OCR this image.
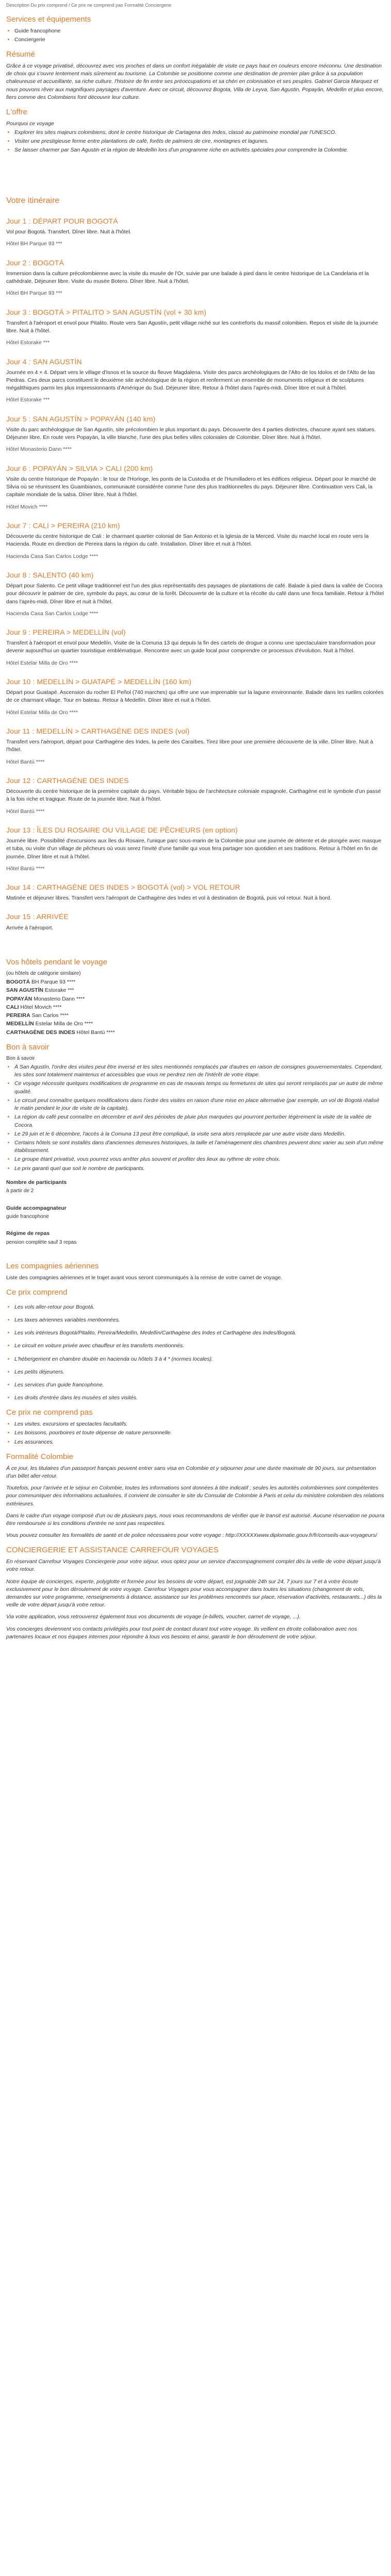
Description Du prix comprend / Ce prix ne comprend pas Formalité Conciergerie
Services et équipements
• Guide francophone
• Conciergerie
Résumé

Grâce à ce voyage privatisé, découvrez avec vos proches et dans un confort inégalable de visite ce pays haut en couleurs encore méconnu. Une destination de choix qui s'ouvre lentement mais sûrement au tourisme. La Colombie se positionne comme une destination de premier plan grâce à sa population chaleureuse et accueillante, sa riche culture, l'histoire de fin entre ses préoccupations et sa chéri en colonisation et ses peuples. Gabriel Garcia Marquez et nous pouvons rêver aux magnifiques paysages d'aventure. Avec ce circuit, découvrez Bogota, Villa de Leyva, San Agustin, Popayán, Medellin et plus encore, fiers comme des Colombiens font découvrir leur culture.

L'offre

Pourquoi ce voyage

• Explorer les sites majeurs colombiens, dont le centre historique de Cartagena des Indes, classé au patrimoine mondial par l'UNESCO.
• Visiter une prestigieuse ferme entre plantations de café, forêts de palmiers de cire, montagnes et lagunes.
• Se laisser charmer par San Agustin et la région de Medellin lors d'un programme riche en activités spéciales pour comprendre la Colombie.
Votre itinéraire
Jour 1 : DÉPART POUR BOGOTÁ

Vol pour Bogotá. Transfert. Dîner libre. Nuit à l'hôtel.

Hôtel BH Parque 93 ***

Jour 2 : BOGOTÁ

Immersion dans la culture précolombienne avec la visite du musée de l'Or, suivie par une balade à pied dans le centre historique de La Candelaria et la cathédrale. Déjeuner libre. Visite du musée Botero. Dîner libre. Nuit à l'hôtel.

Hôtel BH Parque 93 ***

Jour 3 : BOGOTÁ > PITALITO > SAN AGUSTÍN (vol + 30 km)

Transfert à l'aéroport et envol pour Pitalito. Route vers San Agustín, petit village niché sur les contreforts du massif colombien. Repos et visite de la journée libre. Nuit à l'hôtel.

Hôtel Estorake ***

Jour 4 : SAN AGUSTÍN

Journée en 4 × 4. Départ vers le village d'Isnos et la source du fleuve Magdalena. Visite des parcs archéologiques de l'Alto de los Idolos et de l'Alto de las Piedras. Ces deux parcs constituent le deuxième site archéologique de la région et renferment un ensemble de monuments religieux et de sculptures mégalithiques parmi les plus impressionnants d'Amérique du Sud. Déjeuner libre. Retour à l'hôtel dans l'après-midi. Dîner libre et nuit à l'hôtel.

Hôtel Estorake ***

Jour 5 : SAN AGUSTÍN > POPAYÁN (140 km)

Visite du parc archéologique de San Agustín, site précolombien le plus important du pays. Découverte des 4 parties distinctes, chacune ayant ses statues. Déjeuner libre. En route vers Popayán, la ville blanche, l'une des plus belles villes coloniales de Colombie. Dîner libre. Nuit à l'hôtel.

Hôtel Monasterio Dann ****

Jour 6 : POPAYÁN > SILVIA > CALI (200 km)

Visite du centre historique de Popayán : le tour de l'Horloge, les ponts de la Custodia et de l'Humilladero et les édifices religieux. Départ pour le marché de Silvia où se réunissent les Guambianos, communauté considérée comme l'une des plus traditionnelles du pays. Déjeuner libre. Continuation vers Cali, la capitale mondiale de la salsa. Dîner libre. Nuit à l'hôtel.

Hôtel Movich ****

Jour 7 : CALI > PEREIRA (210 km)

Découverte du centre historique de Cali : le charmant quartier colonial de San Antonio et la Iglesia de la Merced. Visite du marché local en route vers la Hacienda. Route en direction de Pereira dans la région du café. Installation. Dîner libre et nuit à l'hôtel.

Hacienda Casa San Carlos Lodge ****

Jour 8 : SALENTO (40 km)

Départ pour Salento. Ce petit village traditionnel est l'un des plus représentatifs des paysages de plantations de café. Balade à pied dans la vallée de Cocora pour découvrir le palmier de cire, symbole du pays, au cœur de la forêt. Découverte de la culture et la récolte du café dans une finca familiale. Retour à l'hôtel dans l'après-midi. Dîner libre et nuit à l'hôtel.

Hacienda Casa San Carlos Lodge ****

Jour 9 : PEREIRA > MEDELLÍN (vol)

Transfert à l'aéroport et envol pour Medellín. Visite de la Comuna 13 qui depuis la fin des cartels de drogue a connu une spectaculaire transformation pour devenir aujourd'hui un quartier touristique emblématique. Rencontre avec un guide local pour comprendre ce processus d'évolution. Nuit à l'hôtel.

Hôtel Estelar Milla de Oro ****

Jour 10 : MEDELLÍN > GUATAPÉ > MEDELLÍN (160 km)

Départ pour Guatapé. Ascension du rocher El Peñol (740 marches) qui offre une vue imprenable sur la lagune environnante. Balade dans les ruelles colorées de ce charmant village. Tour en bateau. Retour à Medellín. Dîner libre et nuit à l'hôtel.

Hôtel Estelar Milla de Oro ****

Jour 11 : MEDELLÍN > CARTHAGÈNE DES INDES (vol)

Transfert vers l'aéroport, départ pour Carthagène des Indes, la perle des Caraïbes. Tirez libre pour une première découverte de la ville. Dîner libre. Nuit à l'hôtel.

Hôtel Bantú ****

Jour 12 : CARTHAGÈNE DES INDES

Découverte du centre historique de la première capitale du pays. Véritable bijou de l'architecture coloniale espagnole, Carthagène est le symbole d'un passé à la fois riche et tragique. Route de la journée libre. Nuit à l'hôtel.

Hôtel Bantú ****

Jour 13 : ÎLES DU ROSAIRE OU VILLAGE DE PÊCHEURS (en option)

Journée libre. Possibilité d'excursions aux îles du Rosaire, l'unique parc sous-marin de la Colombie pour une journée de détente et de plongée avec masque et tuba, ou visite d'un village de pêcheurs où vous serez l'invité d'une famille qui vous fera partager son quotidien et ses traditions. Retour à l'hôtel en fin de journée. Dîner libre et nuit à l'hôtel.

Hôtel Bantú ****

Jour 14 : CARTHAGÈNE DES INDES > BOGOTÁ (vol) > VOL RETOUR

Matinée et déjeuner libres. Transfert vers l'aéroport de Carthagène des Indes et vol à destination de Bogotá, puis vol retour. Nuit à bord.

Jour 15 : ARRIVÉE

Arrivée à l'aéroport.

Vos hôtels pendant le voyage
(ou hôtels de catégorie similaire)
BOGOTÁ BH Parque 93 ****
SAN AGUSTÍN Estorake ***
POPAYÁN Monasterio Dann ****
CALI Hôtel Movich ****
PEREIRA San Carlos ****
MEDELLÍN Estelar Milla de Oro ****
CARTHAGÈNE DES INDES Hôtel Bantú ****
Bon à savoir
Bon à savoir
• À San Agustín, l'ordre des visites peut être inversé et les sites mentionnés remplacés par d'autres en raison de consignes gouvernementales. Cependant, les sites sont totalement maintenus et accessibles que vous ne perdrez rien de l'intérêt de votre étape.
• Ce voyage nécessite quelques modifications de programme en cas de mauvais temps ou fermetures de sites qui seront remplacés par un autre de même qualité.
• Le circuit peut connaître quelques modifications dans l'ordre des visites en raison d'une mise en place alternative (par exemple, un vol de Bogotá réalisé le matin pendant le jour de visite de la capitale).
• La région du café peut connaître en décembre et avril des périodes de pluie plus marquées qui pourront perturber légèrement la visite de la vallée de Cocora.
• Le 29 juin et le 6 décembre, l'accès à la Comuna 13 peut être compliqué, la visite sera alors remplacée par une autre visite dans Medellín.
• Certains hôtels se sont installés dans d'anciennes demeures historiques, la taille et l'aménagement des chambres peuvent donc varier au sein d'un même établissement.
• Le groupe étant privatisé, vous pourrez vous arrêter plus souvent et profiter des lieux au rythme de votre choix.
• Le prix garanti quel que soit le nombre de participants.
Nombre de participants
à partir de 2
Guide accompagnateur
guide francophone
Régime de repas
pension complète sauf 3 repas
Les compagnies aériennes

Liste des compagnies aériennes et le trajet avant vous seront communiqués à la remise de votre carnet de voyage.

Ce prix comprend
• Les vols aller-retour pour Bogotá.
• Les taxes aériennes variables mentionnées.
• Les vols intérieurs Bogotá/Pitalito, Pereira/Medellín, Medellín/Carthagène des Indes et Carthagène des Indes/Bogotá.
• Le circuit en voiture privée avec chauffeur et les transferts mentionnés.
• L'hébergement en chambre double en hacienda ou hôtels 3 à 4 * (normes locales).
• Les petits déjeuners.
• Les services d'un guide francophone.
• Les droits d'entrée dans les musées et sites visités.
Ce prix ne comprend pas
• Les visites, excursions et spectacles facultatifs.
• Les boissons, pourboires et toute dépense de nature personnelle.
• Les assurances.
Formalité Colombie

À ce jour, les titulaires d'un passeport français peuvent entrer sans visa en Colombie et y séjourner pour une durée maximale de 90 jours, sur présentation d'un billet aller-retour.

Toutefois, pour l'arrivée et le séjour en Colombie, toutes les informations sont données à titre indicatif ; seules les autorités colombiennes sont compétentes pour communiquer des informations actualisées. Il convient de consulter le site du Consulat de Colombie à Paris et celui du ministère colombien des relations extérieures.

Dans le cadre d'un voyage composé d'un ou de plusieurs pays, nous vous recommandons de vérifier que le transit est autorisé. Aucune réservation ne pourra être remboursée si les conditions d'entrée ne sont pas respectées.

Vous pouvez consulter les formalités de santé et de police nécessaires pour votre voyage : http://XXXXXwww.diplomatie.gouv.fr/fr/conseils-aux-voyageurs/

CONCIERGERIE ET ASSISTANCE CARREFOUR VOYAGES

En réservant Carrefour Voyages Conciergerie pour votre séjour, vous optez pour un service d'accompagnement complet dès la veille de votre départ jusqu'à votre retour.

Notre équipe de concierges, experte, polyglotte et formée pour les besoins de votre départ, est joignable 24h sur 24, 7 jours sur 7 et à votre écoute exclusivement pour le bon déroulement de votre voyage. Carrefour Voyages pour vous accompagner dans toutes les situations (changement de vols, demandes sur votre programme, renseignements à distance, assistance sur les problèmes rencontrés sur place, réservation d'activités, restaurants...) dès la veille de votre départ jusqu'à votre retour.

Via votre application, vous retrouverez également tous vos documents de voyage (e-billets, voucher, carnet de voyage, ...).

Vos concierges deviennent vos contacts privilégiés pour tout point de contact durant tout votre voyage. Ils veillent en étroite collaboration avec nos partenaires locaux et nos équipes internes pour répondre à tous vos besoins et ainsi, garantir le bon déroulement de votre séjour.
